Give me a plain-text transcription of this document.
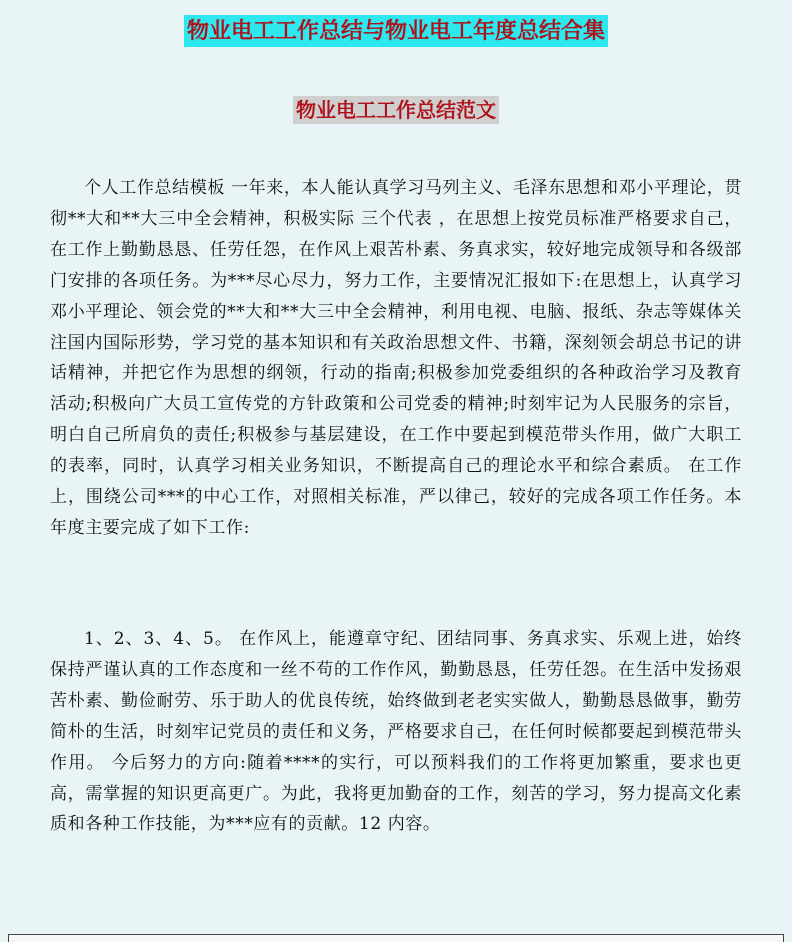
物业电工工作总结与物业电工年度总结合集
物业电工工作总结范文

个人工作总结模板 一年来，本人能认真学习马列主义、毛泽东思想和邓小平理论，贯彻**大和**大三中全会精神，积极实际 三个代表 ，在思想上按党员标准严格要求自己，在工作上勤勤恳恳、任劳任怨，在作风上艰苦朴素、务真求实，较好地完成领导和各级部门安排的各项任务。为***尽心尽力，努力工作，主要情况汇报如下:在思想上，认真学习邓小平理论、领会党的**大和**大三中全会精神，利用电视、电脑、报纸、杂志等媒体关注国内国际形势，学习党的基本知识和有关政治思想文件、书籍，深刻领会胡总书记的讲话精神，并把它作为思想的纲领，行动的指南;积极参加党委组织的各种政治学习及教育活动;积极向广大员工宣传党的方针政策和公司党委的精神;时刻牢记为人民服务的宗旨，明白自己所肩负的责任;积极参与基层建设，在工作中要起到模范带头作用，做广大职工的表率，同时，认真学习相关业务知识，不断提高自己的理论水平和综合素质。 在工作上，围绕公司***的中心工作，对照相关标准，严以律己，较好的完成各项工作任务。本年度主要完成了如下工作:

1、2、3、4、5。 在作风上，能遵章守纪、团结同事、务真求实、乐观上进，始终保持严谨认真的工作态度和一丝不苟的工作作风，勤勤恳恳，任劳任怨。在生活中发扬艰苦朴素、勤俭耐劳、乐于助人的优良传统，始终做到老老实实做人，勤勤恳恳做事，勤劳简朴的生活，时刻牢记党员的责任和义务，严格要求自己，在任何时候都要起到模范带头作用。 今后努力的方向:随着****的实行，可以预料我们的工作将更加繁重，要求也更高，需掌握的知识更高更广。为此，我将更加勤奋的工作，刻苦的学习，努力提高文化素质和各种工作技能，为***应有的贡献。12 内容。
